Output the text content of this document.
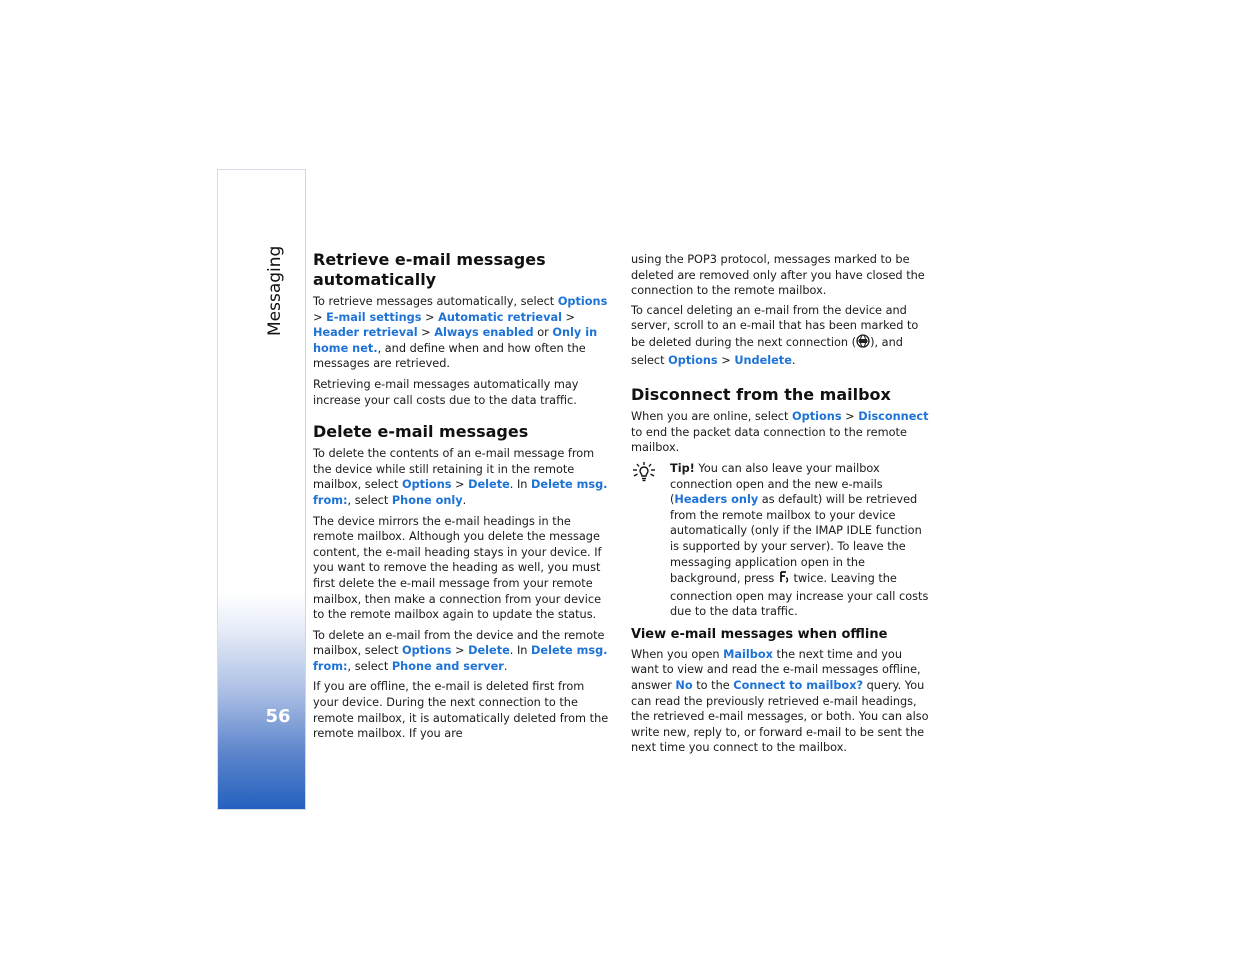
Messaging
56
Retrieve e-mail messages
automatically

To retrieve messages automatically, select Options > E-mail settings > Automatic retrieval > Header retrieval > Always enabled or Only in home net., and define when and how often the messages are retrieved.

Retrieving e-mail messages automatically may increase your call costs due to the data traffic.

Delete e-mail messages

To delete the contents of an e-mail message from the device while still retaining it in the remote mailbox, select Options > Delete. In Delete msg. from:, select Phone only.

The device mirrors the e-mail headings in the remote mailbox. Although you delete the message content, the e-mail heading stays in your device. If you want to remove the heading as well, you must first delete the e-mail message from your remote mailbox, then make a connection from your device to the remote mailbox again to update the status.

To delete an e-mail from the device and the remote mailbox, select Options > Delete. In Delete msg. from:, select Phone and server.

If you are offline, the e-mail is deleted first from your device. During the next connection to the remote mailbox, it is automatically deleted from the remote mailbox. If you are

using the POP3 protocol, messages marked to be deleted are removed only after you have closed the connection to the remote mailbox.

To cancel deleting an e-mail from the device and server, scroll to an e-mail that has been marked to be deleted during the next connection ( ), and select Options > Undelete.

Disconnect from the mailbox

When you are online, select Options > Disconnect to end the packet data connection to the remote mailbox.

Tip! You can also leave your mailbox connection open and the new e-mails (Headers only as default) will be retrieved from the remote mailbox to your device automatically (only if the IMAP IDLE function is supported by your server). To leave the messaging application open in the background, press  twice. Leaving the connection open may increase your call costs due to the data traffic.

View e-mail messages when offline

When you open Mailbox the next time and you want to view and read the e-mail messages offline, answer No to the Connect to mailbox? query. You can read the previously retrieved e-mail headings, the retrieved e-mail messages, or both. You can also write new, reply to, or forward e-mail to be sent the next time you connect to the mailbox.
